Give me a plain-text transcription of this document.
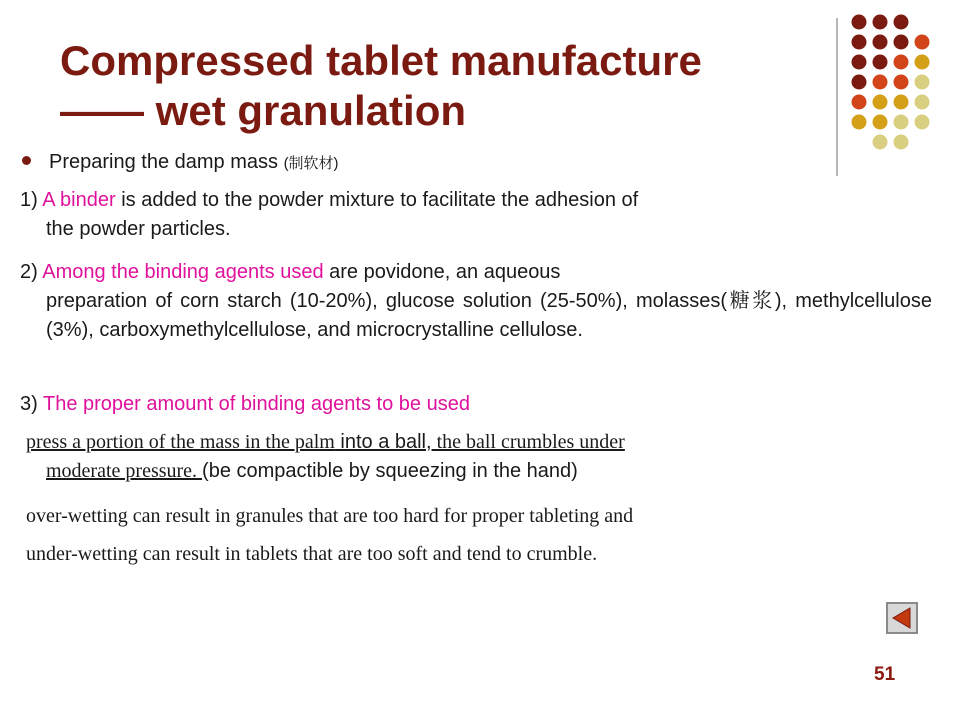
Compressed tablet manufacture
—— wet granulation
Preparing the damp mass (制软材)

1) A binder is added to the powder mixture to facilitate the adhesion of
the powder particles.

2) Among the binding agents used are povidone, an aqueous
preparation of corn starch (10-20%), glucose solution (25-50%), molasses(糖浆), methylcellulose (3%), carboxymethylcellulose, and microcrystalline cellulose.

3) The proper amount of binding agents to be used

press a portion of the mass in the palm into a ball, the ball crumbles under
moderate pressure. (be compactible by squeezing in the hand)

over-wetting can result in granules that are too hard for proper tableting and

under-wetting can result in tablets that are too soft and tend to crumble.

51
